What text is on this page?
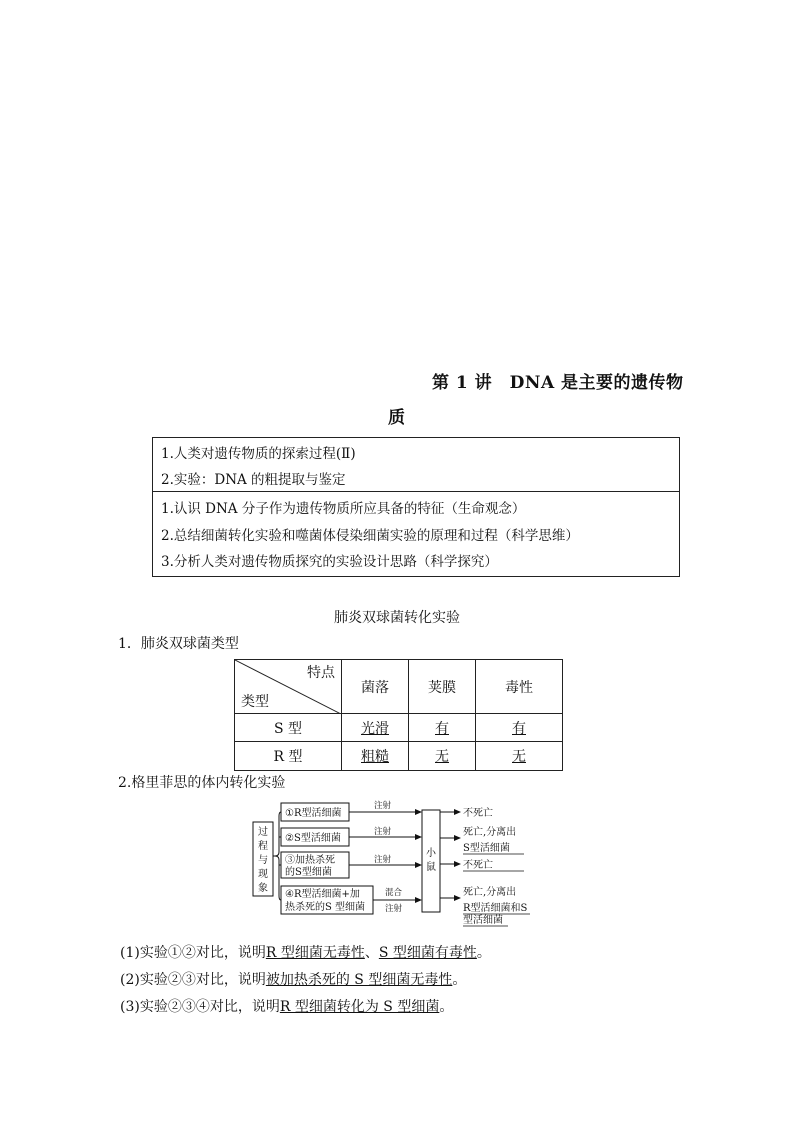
第 1 讲　DNA 是主要的遗传物
质
1.人类对遗传物质的探索过程(Ⅱ)
2.实验：DNA 的粗提取与鉴定
1.认识 DNA 分子作为遗传物质所应具备的特征（生命观念）
2.总结细菌转化实验和噬菌体侵染细菌实验的原理和过程（科学思维）
3.分析人类对遗传物质探究的实验设计思路（科学探究）
肺炎双球菌转化实验
1．肺炎双球菌类型
特点
类型	菌落	荚膜	毒性
S 型	光滑	有	有
R 型	粗糙	无	无
2.格里菲思的体内转化实验
过
程
与
现
象
小
鼠
①R型活细菌
②S型活细菌
③加热杀死
的S型细菌
④R型活细菌+加
热杀死的S 型细菌
不死亡
死亡,分离出
S型活细菌
不死亡
死亡,分离出
R型活细菌和S
型活细菌
注射
注射
注射
混合
注射
(1)实验①②对比，说明R 型细菌无毒性、S 型细菌有毒性。
(2)实验②③对比，说明被加热杀死的 S 型细菌无毒性。
(3)实验②③④对比，说明R 型细菌转化为 S 型细菌。
